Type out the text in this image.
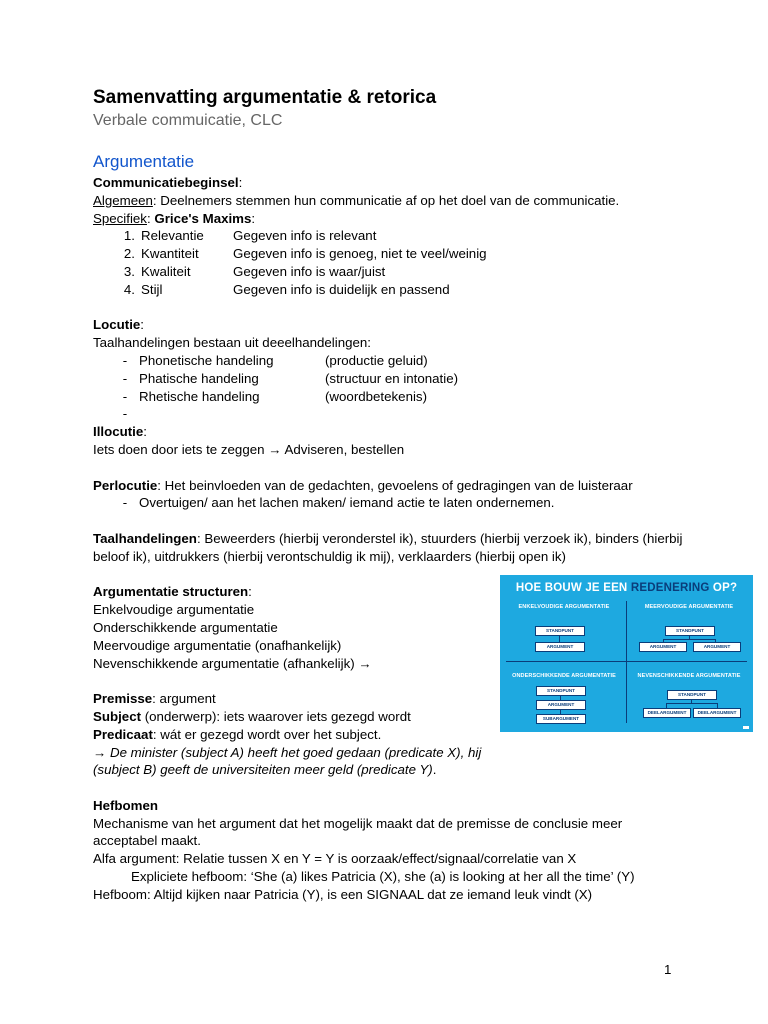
Samenvatting argumentatie & retorica

Verbale commuicatie, CLC

Argumentatie

Communicatiebeginsel:

Algemeen: Deelnemers stemmen hun communicatie af op het doel van de communicatie.

Specifiek: Grice's Maxims:

1. Relevantie	Gegeven info is relevant
2. Kwantiteit	Gegeven info is genoeg, niet te veel/weinig
3. Kwaliteit	Gegeven info is waar/juist
4. Stijl	Gegeven info is duidelijk en passend

Locutie:

Taalhandelingen bestaan uit deeelhandelingen:

- Phonetische handeling	(productie geluid)
- Phatische handeling	(structuur en intonatie)
- Rhetische handeling	(woordbetekenis)
-

Illocutie:

Iets doen door iets te zeggen → Adviseren, bestellen

Perlocutie: Het beinvloeden van de gedachten, gevoelens of gedragingen van de luisteraar

- Overtuigen/ aan het lachen maken/ iemand actie te laten ondernemen.

Taalhandelingen: Beweerders (hierbij veronderstel ik), stuurders (hierbij verzoek ik), binders (hierbij beloof ik), uitdrukkers (hierbij verontschuldig ik mij), verklaarders (hierbij open ik)

Argumentatie structuren:

Enkelvoudige argumentatie

Onderschikkende argumentatie

Meervoudige argumentatie (onafhankelijk)

Nevenschikkende argumentatie (afhankelijk) →

Premisse: argument

Subject (onderwerp): iets waarover iets gezegd wordt

Predicaat: wát er gezegd wordt over het subject.

→ De minister (subject A) heeft het goed gedaan (predicate X), hij (subject B) geeft de universiteiten meer geld (predicate Y).

Hefbomen

Mechanisme van het argument dat het mogelijk maakt dat de premisse de conclusie meer acceptabel maakt.

Alfa argument: Relatie tussen X en Y = Y is oorzaak/effect/signaal/correlatie van X

Expliciete hefboom: ‘She (a) likes Patricia (X), she (a) is looking at her all the time’ (Y)

Hefboom: Altijd kijken naar Patricia (Y), is een SIGNAAL dat ze iemand leuk vindt (X)

HOE BOUW JE EEN REDENERING OP?
ENKELVOUDIGE ARGUMENTATIE
STANDPUNT
ARGUMENT
MEERVOUDIGE ARGUMENTATIE
STANDPUNT
ARGUMENT	ARGUMENT
ONDERSCHIKKENDE ARGUMENTATIE
STANDPUNT
ARGUMENT
SUBARGUMENT
NEVENSCHIKKENDE ARGUMENTATIE
STANDPUNT
DEELARGUMENT	DEELARGUMENT
1
